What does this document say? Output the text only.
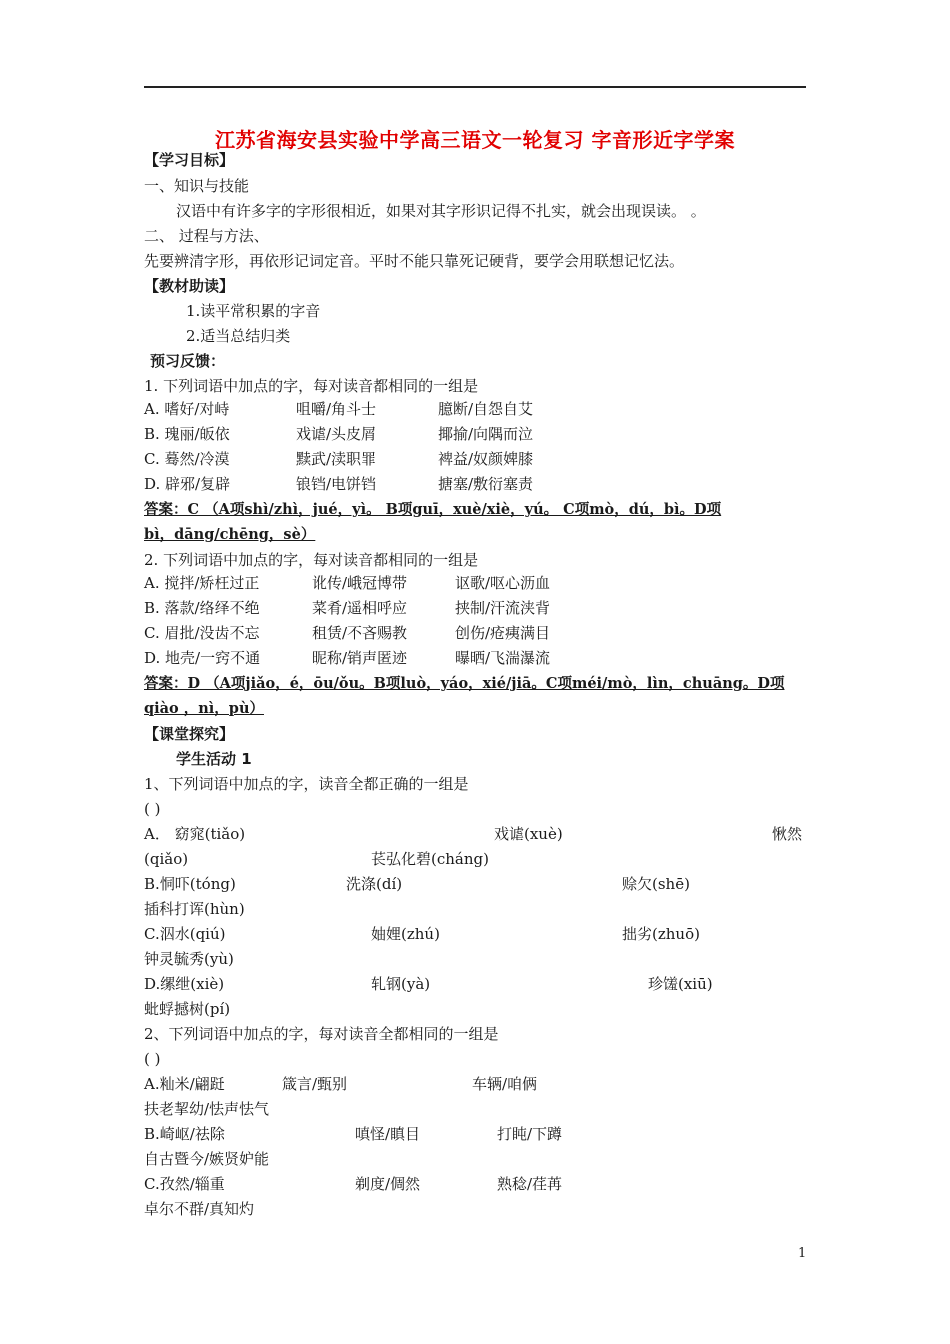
江苏省海安县实验中学高三语文一轮复习 字音形近字学案
【学习目标】
一、知识与技能
汉语中有许多字的字形很相近，如果对其字形识记得不扎实，就会出现误读。 。
二、 过程与方法、
先要辨清字形，再依形记词定音。平时不能只靠死记硬背，要学会用联想记忆法。
【教材助读】
1.读平常积累的字音
2.适当总结归类
预习反馈：
1. 下列词语中加点的字，每对读音都相同的一组是
A. 嗜好/对峙	咀嚼/角斗士	臆断/自怨自艾
B. 瑰丽/皈依	戏谑/头皮屑	揶揄/向隅而泣
C. 蓦然/冷漠	黩武/渎职罪	裨益/奴颜婢膝
D. 辟邪/复辟	锒铛/电饼铛	搪塞/敷衍塞责
答案：C （A项shì/zhì，jué，yì。 B项guī，xuè/xiè，yú。 C项mò，dú，bì。D项
bì，dāng/chēng，sè）
2. 下列词语中加点的字，每对读音都相同的一组是
A. 搅拌/矫枉过正	讹传/峨冠博带	讴歌/呕心沥血
B. 落款/络绎不绝	菜肴/遥相呼应	挟制/汗流浃背
C. 眉批/没齿不忘	租赁/不吝赐教	创伤/疮痍满目
D. 地壳/一窍不通	昵称/销声匿迹	曝晒/飞湍瀑流
答案：D （A项jiǎo，é，ōu/ǒu。B项luò，yáo，xié/jiā。C项méi/mò，lìn，chuāng。D项
qiào ，nì，pù）
【课堂探究】
学生活动 1
1、下列词语中加点的字，读音全都正确的一组是
( )
A． 窈窕(tiǎo)	戏谑(xuè)	愀然
(qiǎo)	苌弘化碧(cháng)
B.恫吓(tóng)	洗涤(dí)	赊欠(shē)
插科打诨(hùn)
C.泅水(qiú)	妯娌(zhú)	拙劣(zhuō)
钟灵毓秀(yù)
D.缧绁(xiè)	轧钢(yà)	珍馐(xiū)
蚍蜉撼树(pí)
2、下列词语中加点的字，每对读音全都相同的一组是
( )
A.籼米/翩跹	箴言/甄别	车辆/咱俩
扶老挈幼/怯声怯气
B.崎岖/祛除	嗔怪/瞋目	打盹/下蹲
自古暨今/嫉贤妒能
C.孜然/辎重	剃度/倜然	熟稔/荏苒
卓尔不群/真知灼
1
